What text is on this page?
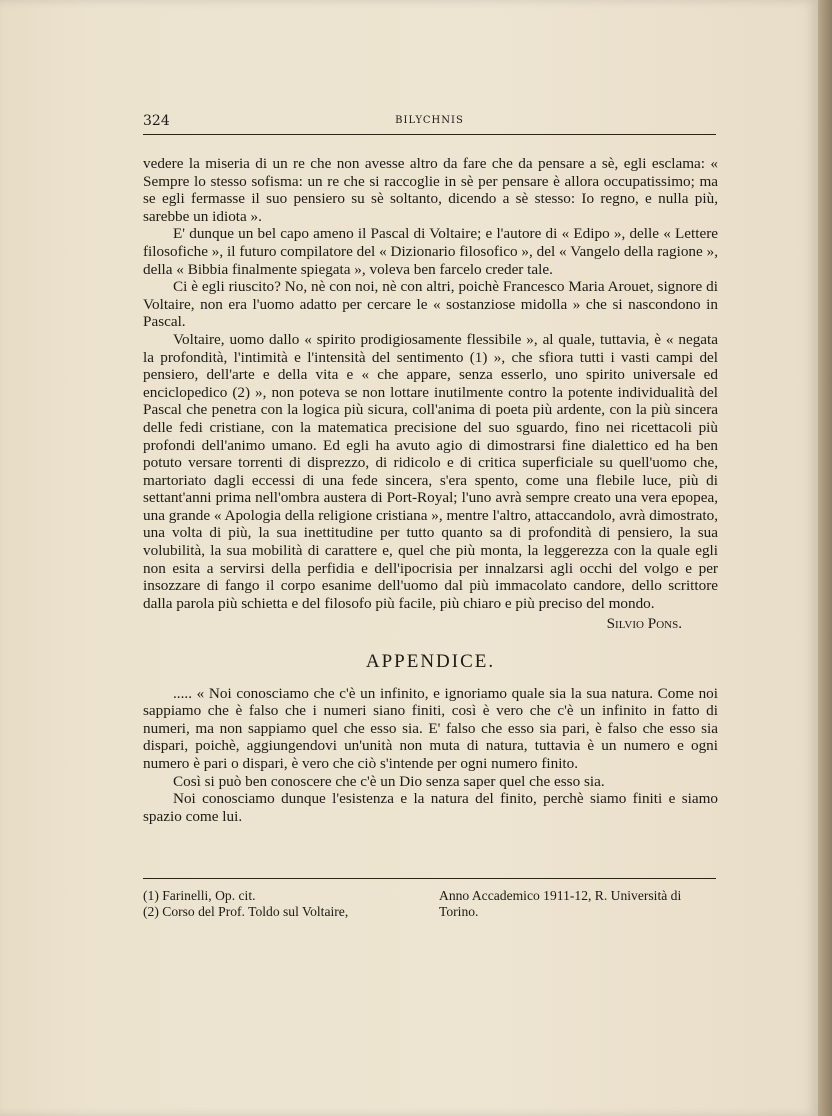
324	BILYCHNIS

vedere la miseria di un re che non avesse altro da fare che da pensare a sè, egli esclama: « Sempre lo stesso sofisma: un re che si raccoglie in sè per pensare è allora occupatissimo; ma se egli fermasse il suo pensiero su sè soltanto, dicendo a sè stesso: Io regno, e nulla più, sarebbe un idiota ».

E' dunque un bel capo ameno il Pascal di Voltaire; e l'autore di « Edipo », delle « Lettere filosofiche », il futuro compilatore del « Dizionario filosofico », del « Vangelo della ragione », della « Bibbia finalmente spiegata », voleva ben farcelo creder tale.

Ci è egli riuscito? No, nè con noi, nè con altri, poichè Francesco Maria Arouet, signore di Voltaire, non era l'uomo adatto per cercare le « sostanziose midolla » che si nascondono in Pascal.

Voltaire, uomo dallo « spirito prodigiosamente flessibile », al quale, tuttavia, è « negata la profondità, l'intimità e l'intensità del sentimento (1) », che sfiora tutti i vasti campi del pensiero, dell'arte e della vita e « che appare, senza esserlo, uno spirito universale ed enciclopedico (2) », non poteva se non lottare inutilmente contro la potente individualità del Pascal che penetra con la logica più sicura, coll'anima di poeta più ardente, con la più sincera delle fedi cristiane, con la matematica precisione del suo sguardo, fino nei ricettacoli più profondi dell'animo umano. Ed egli ha avuto agio di dimostrarsi fine dialettico ed ha ben potuto versare torrenti di disprezzo, di ridicolo e di critica superficiale su quell'uomo che, martoriato dagli eccessi di una fede sincera, s'era spento, come una flebile luce, più di settant'anni prima nell'ombra austera di Port-Royal; l'uno avrà sempre creato una vera epopea, una grande « Apologia della religione cristiana », mentre l'altro, attaccandolo, avrà dimostrato, una volta di più, la sua inettitudine per tutto quanto sa di profondità di pensiero, la sua volubilità, la sua mobilità di carattere e, quel che più monta, la leggerezza con la quale egli non esita a servirsi della perfidia e dell'ipocrisia per innalzarsi agli occhi del volgo e per insozzare di fango il corpo esanime dell'uomo dal più immacolato candore, dello scrittore dalla parola più schietta e del filosofo più facile, più chiaro e più preciso del mondo.

Silvio Pons.
APPENDICE.

..... « Noi conosciamo che c'è un infinito, e ignoriamo quale sia la sua natura. Come noi sappiamo che è falso che i numeri siano finiti, così è vero che c'è un infinito in fatto di numeri, ma non sappiamo quel che esso sia. E' falso che esso sia pari, è falso che esso sia dispari, poichè, aggiungendovi un'unità non muta di natura, tuttavia è un numero e ogni numero è pari o dispari, è vero che ciò s'intende per ogni numero finito.

Così si può ben conoscere che c'è un Dio senza saper quel che esso sia.

Noi conosciamo dunque l'esistenza e la natura del finito, perchè siamo finiti e siamo spazio come lui.

(1) Farinelli, Op. cit.	Anno Accademico 1911-12, R. Università di
(2) Corso del Prof. Toldo sul Voltaire,	Torino.
